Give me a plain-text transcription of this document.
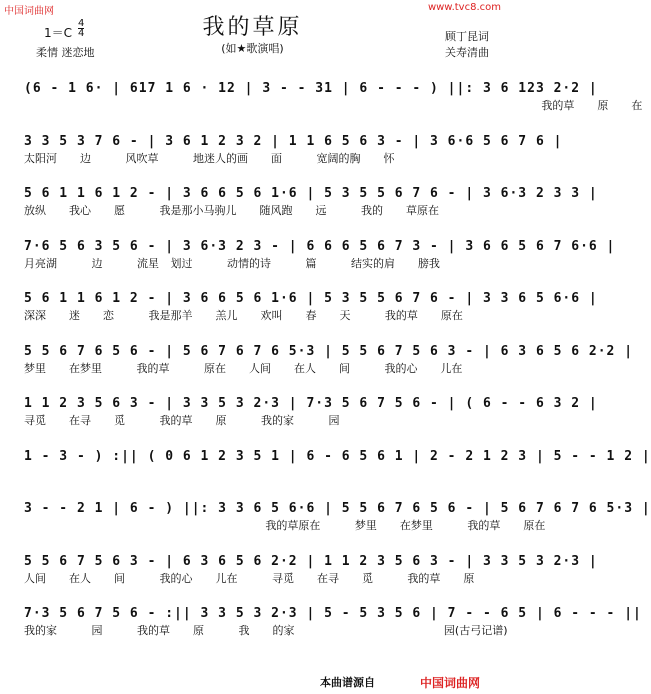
中国词曲网	www.tvc8.com
我的草原
(如★歌演唱)
1＝C
4
4
柔情 迷恋地
顾丁昆词
关寿清曲
(6 - 1 6· | 617 1 6 · 12 | 3 - - 31 | 6 - - - ) ||: 3 6 123 2·2 |
我的草  原  在
3 3 5 3 7 6 - | 3 6 1 2 3 2 | 1 1 6 5 6 3 - | 3 6·6 5 6 7 6 |
太阳河  边   风吹草   地迷人的画  面   宽阔的胸  怀
5 6 1 1 6 1 2 - | 3 6 6 5 6 1·6 | 5 3 5 5 6 7 6 - | 3 6·3 2 3 3 |
放纵  我心  愿   我是那小马驹儿  随风跑  远   我的  草原在
7·6 5 6 3 5 6 - | 3 6·3 2 3 - | 6 6 6 5 6 7 3 - | 3 6 6 5 6 7 6·6 |
月亮湖   边   流星 划过   动情的诗   篇   结实的肩  膀我
5 6 1 1 6 1 2 - | 3 6 6 5 6 1·6 | 5 3 5 5 6 7 6 - | 3 3 6 5 6·6 |
深深  迷  恋   我是那羊  羔儿  欢叫  春  天   我的草  原在
5 5 6 7 6 5 6 - | 5 6 7 6 7 6 5·3 | 5 5 6 7 5 6 3 - | 6 3 6 5 6 2·2 |
梦里  在梦里   我的草   原在  人间  在人  间   我的心  儿在
1 1 2 3 5 6 3 - | 3 3 5 3 2·3 | 7·3 5 6 7 5 6 - | ( 6 - - 6 3 2 |
寻觅  在寻  觅   我的草  原   我的家   园
1 - 3 - ) :|| ( 0 6 1 2 3 5 1 | 6 - 6 5 6 1 | 2 - 2 1 2 3 | 5 - - 1 2 |
3 - - 2 1 | 6 - ) ||: 3 3 6 5 6·6 | 5 5 6 7 6 5 6 - | 5 6 7 6 7 6 5·3 |
我的草原在   梦里  在梦里   我的草  原在
5 5 6 7 5 6 3 - | 6 3 6 5 6 2·2 | 1 1 2 3 5 6 3 - | 3 3 5 3 2·3 |
人间  在人  间   我的心  儿在   寻觅  在寻  觅   我的草  原
7·3 5 6 7 5 6 - :|| 3 3 5 3 2·3 | 5 - 5 3 5 6 | 7 - - 6 5 | 6 - - - ||
我的家   园   我的草  原   我  的家             园(古弓记谱)
本曲谱源自	中国词曲网
